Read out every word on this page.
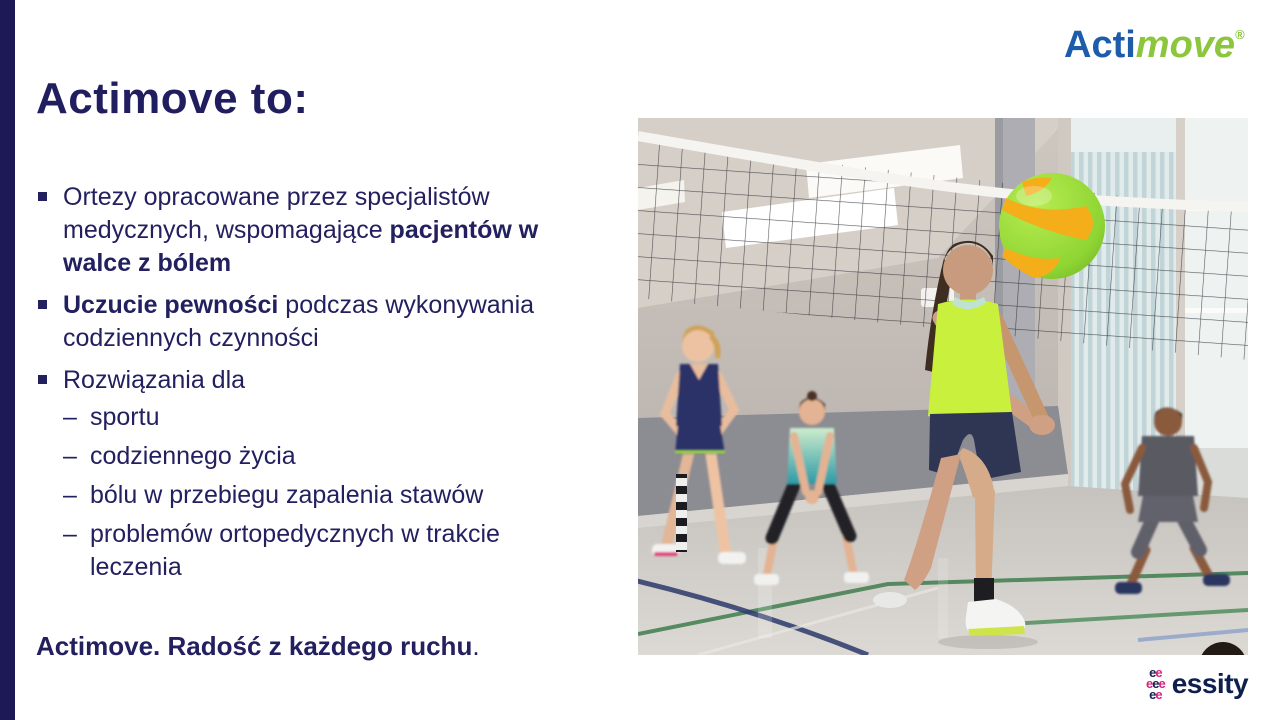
Actimove to:
Ortezy opracowane przez specjalistów medycznych, wspomagające pacjentów w walce z bólem
Uczucie pewności podczas wykonywania codziennych czynności
Rozwiązania dla
– sportu
– codziennego życia
– bólu w przebiegu zapalenia stawów
– problemów ortopedycznych w trakcie leczenia
Actimove. Radość z każdego ruchu.
Actimove®
ee
eee
ee essity
